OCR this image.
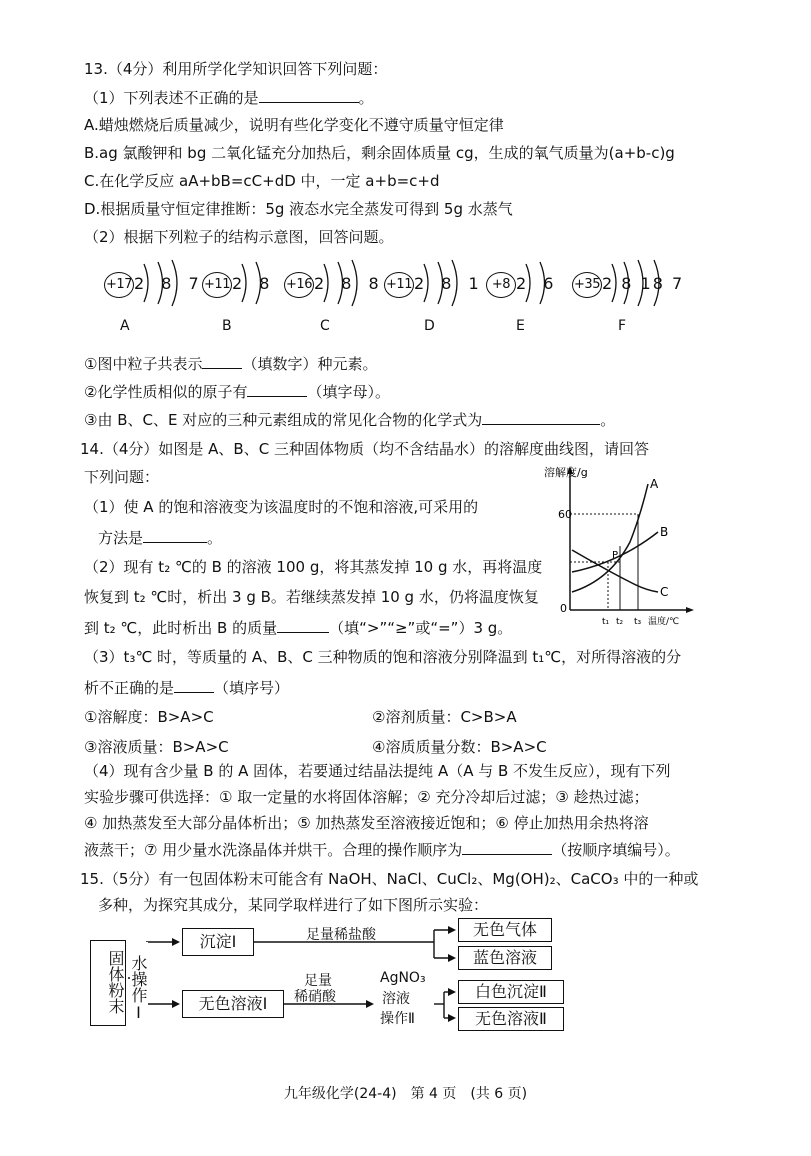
13.（4分）利用所学化学知识回答下列问题：
（1）下列表述不正确的是	。
A.蜡烛燃烧后质量减少，说明有些化学变化不遵守质量守恒定律
B.ag 氯酸钾和 bg 二氧化锰充分加热后，剩余固体质量 cg，生成的氧气质量为(a+b-c)g
C.在化学反应 aA+bB=cC+dD 中，一定 a+b=c+d
D.根据质量守恒定律推断：5g 液态水完全蒸发可得到 5g 水蒸气
（2）根据下列粒子的结构示意图，回答问题。
+17 2 8 7
A
+11 2 8
B
+16 2 8 8
C
+11 2 8 1
D
+8 2 6
E
+35 2 8 18 7
F
①图中粒子共表示	（填数字）种元素。
②化学性质相似的原子有	（填字母）。
③由 B、C、E 对应的三种元素组成的常见化合物的化学式为	。
14.（4分）如图是 A、B、C 三种固体物质（均不含结晶水）的溶解度曲线图，请回答
下列问题：
（1）使 A 的饱和溶液变为该温度时的不饱和溶液,可采用的
方法是	。
（2）现有 t₂ ℃的 B 的溶液 100 g，将其蒸发掉 10 g 水，再将温度
恢复到 t₂ ℃时，析出 3 g B。若继续蒸发掉 10 g 水，仍将温度恢复
到 t₂ ℃，此时析出 B 的质量	（填“>”“≥”或“=”）3 g。
（3）t₃℃ 时，等质量的 A、B、C 三种物质的饱和溶液分别降温到 t₁℃，对所得溶液的分
析不正确的是	（填序号）
①溶解度：B>A>C	②溶剂质量：C>B>A
③溶液质量：B>A>C	④溶质质量分数：B>A>C
（4）现有含少量 B 的 A 固体，若要通过结晶法提纯 A（A 与 B 不发生反应），现有下列
实验步骤可供选择：① 取一定量的水将固体溶解；② 充分冷却后过滤；③ 趁热过滤；
④ 加热蒸发至大部分晶体析出；⑤ 加热蒸发至溶液接近饱和；⑥ 停止加热用余热将溶
液蒸干；⑦ 用少量水洗涤晶体并烘干。合理的操作顺序为	（按顺序填编号）。
溶解度/g
60
0
A
B
C
P
t₁ t₂ t₃ 温度/℃
15.（5分）有一包固体粉末可能含有 NaOH、NaCl、CuCl₂、Mg(OH)₂、CaCO₃ 中的一种或
多种，为探究其成分，某同学取样进行了如下图所示实验：
固体粉末 水操作Ⅰ
沉淀Ⅰ
无色溶液Ⅰ
足量稀盐酸
足量
稀硝酸
AgNO₃
溶液
操作Ⅱ
无色气体
蓝色溶液
白色沉淀Ⅱ
无色溶液Ⅱ
九年级化学(24-4)　第 4 页　(共 6 页)
